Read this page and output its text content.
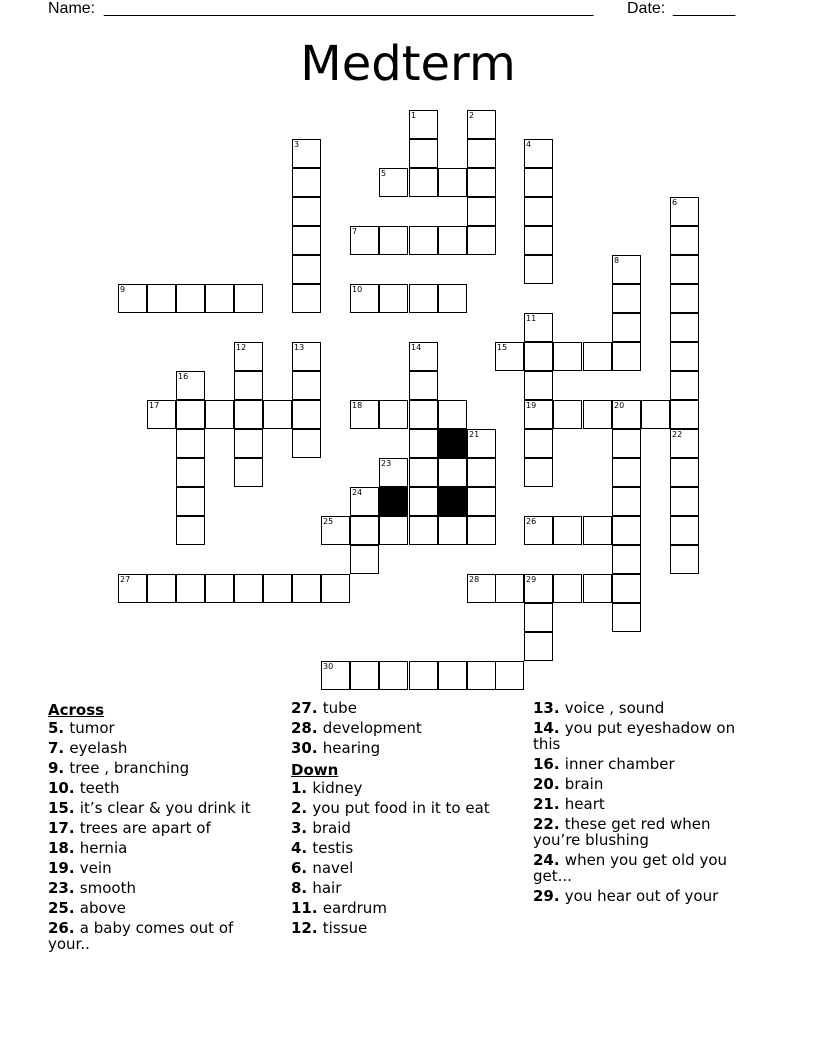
Name: _______________________________________________________ Date: _______
Medterm
1	2
3	4
5
6
7
8
9	10
11
12	13	14	15
16
17	18	19	20
21	22
23
24
25	26
27	28	29
30
Across
5. tumor
7. eyelash
9. tree , branching
10. teeth
15. it’s clear & you drink it
17. trees are apart of
18. hernia
19. vein
23. smooth
25. above
26. a baby comes out of your..
27. tube
28. development
30. hearing
Down
1. kidney
2. you put food in it to eat
3. braid
4. testis
6. navel
8. hair
11. eardrum
12. tissue
13. voice , sound
14. you put eyeshadow on this
16. inner chamber
20. brain
21. heart
22. these get red when you’re blushing
24. when you get old you get...
29. you hear out of your
